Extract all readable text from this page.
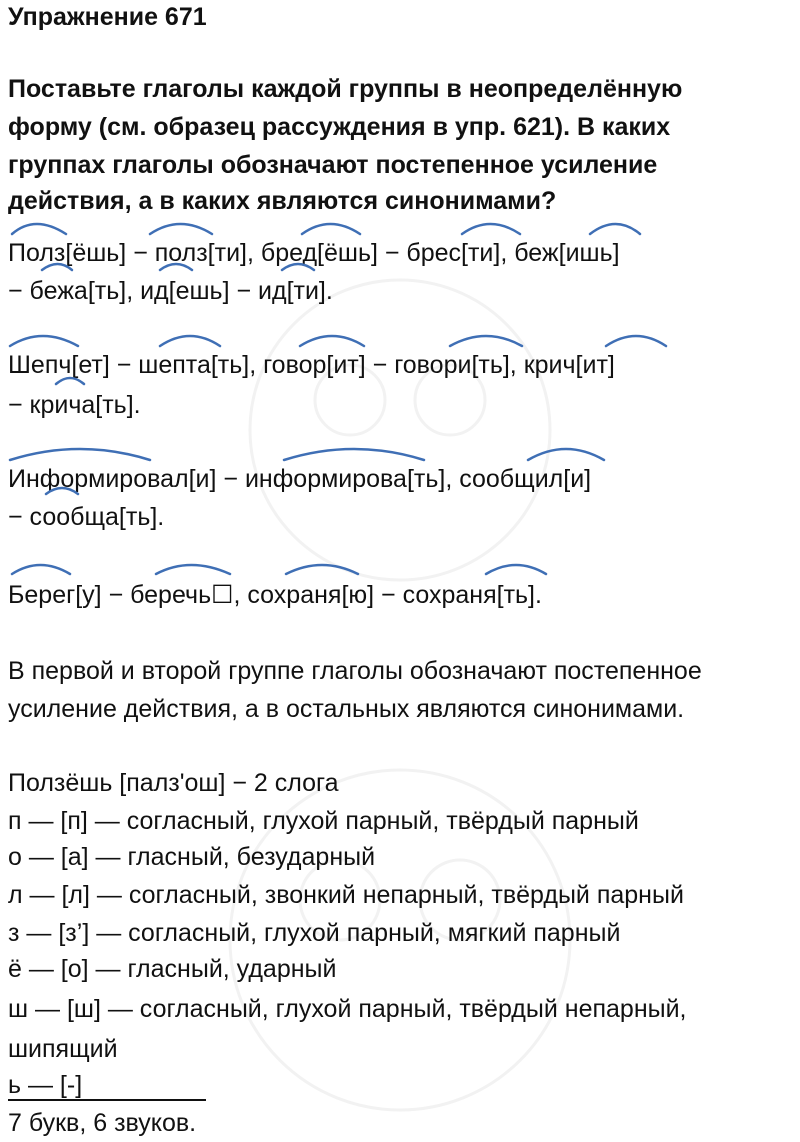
Упражнение 671
Поставьте глаголы каждой группы в неопределённую
форму (см. образец рассуждения в упр. 621). В каких
группах глаголы обозначают постепенное усиление
действия, а в каких являются синонимами?
Полз[ёшь] − полз[ти], бред[ёшь] − брес[ти], беж[ишь]
− бежа[ть], ид[ешь] − ид[ти].
Шепч[ет] − шепта[ть], говор[ит] − говори[ть], крич[ит]
− крича[ть].
Информировал[и] − информирова[ть], сообщил[и]
− сообща[ть].
Берег[у] − беречь☐, сохраня[ю] − сохраня[ть].
В первой и второй группе глаголы обозначают постепенное
усиление действия, а в остальных являются синонимами.
Ползёшь [палз'ош] − 2 слога
п — [п] — согласный, глухой парный, твёрдый парный
о — [а] — гласный, безударный
л — [л] — согласный, звонкий непарный, твёрдый парный
з — [з’] — согласный, глухой парный, мягкий парный
ё — [о] — гласный, ударный
ш — [ш] — согласный, глухой парный, твёрдый непарный,
шипящий
ь — [-]
7 букв, 6 звуков.
